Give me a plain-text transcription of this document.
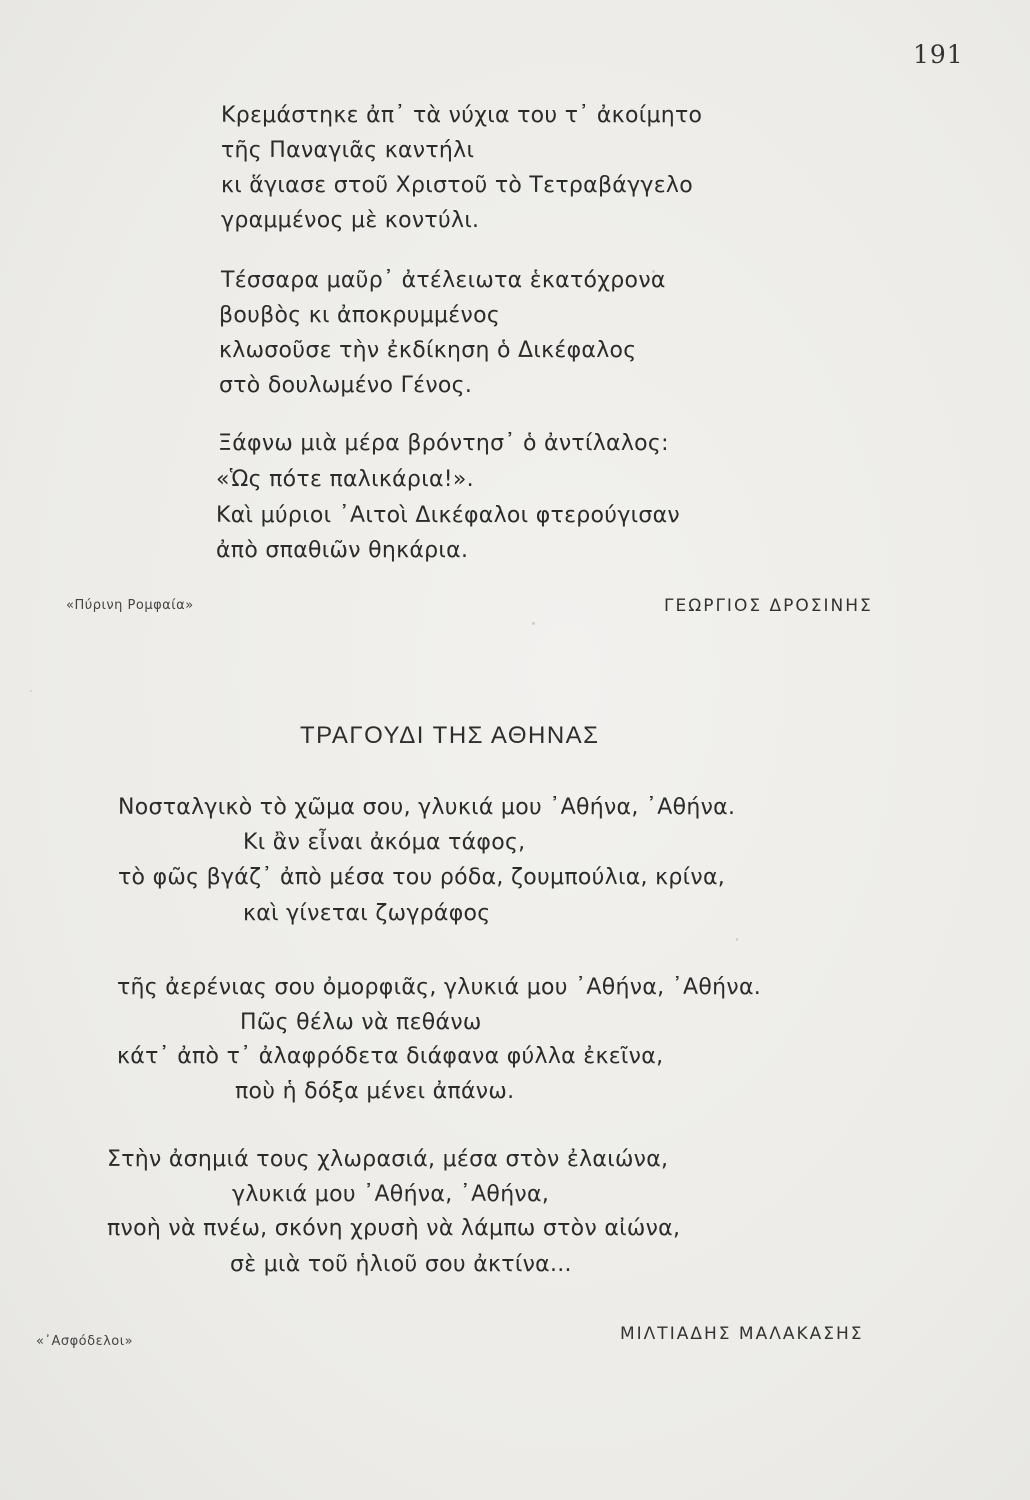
191
Κρεμάστηκε ἀπ᾽ τὰ νύχια του τ᾽ ἀκοίμητο
τῆς Παναγιᾶς καντήλι
κι ἅγιασε στοῦ Χριστοῦ τὸ Τετραβάγγελο
γραμμένος μὲ κοντύλι.
Τέσσαρα μαῦρ᾽ ἀτέλειωτα ἑκατόχρονα
βουβὸς κι ἀποκρυμμένος
κλωσοῦσε τὴν ἐκδίκηση ὁ Δικέφαλος
στὸ δουλωμένο Γένος.
Ξάφνω μιὰ μέρα βρόντησ᾽ ὁ ἀντίλαλος:
«Ὡς πότε παλικάρια!».
Καὶ μύριοι ᾽Αιτοὶ Δικέφαλοι φτερούγισαν
ἀπὸ σπαθιῶν θηκάρια.
«Πύρινη Ρομφαία»	ΓΕΩΡΓΙΟΣ ΔΡΟΣΙΝΗΣ
ΤΡΑΓΟΥΔΙ ΤΗΣ ΑΘΗΝΑΣ
Νοσταλγικὸ τὸ χῶμα σου, γλυκιά μου ᾽Αθήνα, ᾽Αθήνα.
Κι ἂν εἶναι ἀκόμα τάφος,
τὸ φῶς βγάζ᾽ ἀπὸ μέσα του ρόδα, ζουμπούλια, κρίνα,
καὶ γίνεται ζωγράφος
τῆς ἀερένιας σου ὀμορφιᾶς, γλυκιά μου ᾽Αθήνα, ᾽Αθήνα.
Πῶς θέλω νὰ πεθάνω
κάτ᾽ ἀπὸ τ᾽ ἀλαφρόδετα διάφανα φύλλα ἐκεῖνα,
ποὺ ἡ δόξα μένει ἀπάνω.
Στὴν ἀσημιά τους χλωρασιά, μέσα στὸν ἐλαιώνα,
γλυκιά μου ᾽Αθήνα, ᾽Αθήνα,
πνοὴ νὰ πνέω, σκόνη χρυσὴ νὰ λάμπω στὸν αἰώνα,
σὲ μιὰ τοῦ ἡλιοῦ σου ἀκτίνα...
«᾽Ασφόδελοι»	ΜΙΛΤΙΑΔΗΣ ΜΑΛΑΚΑΣΗΣ
